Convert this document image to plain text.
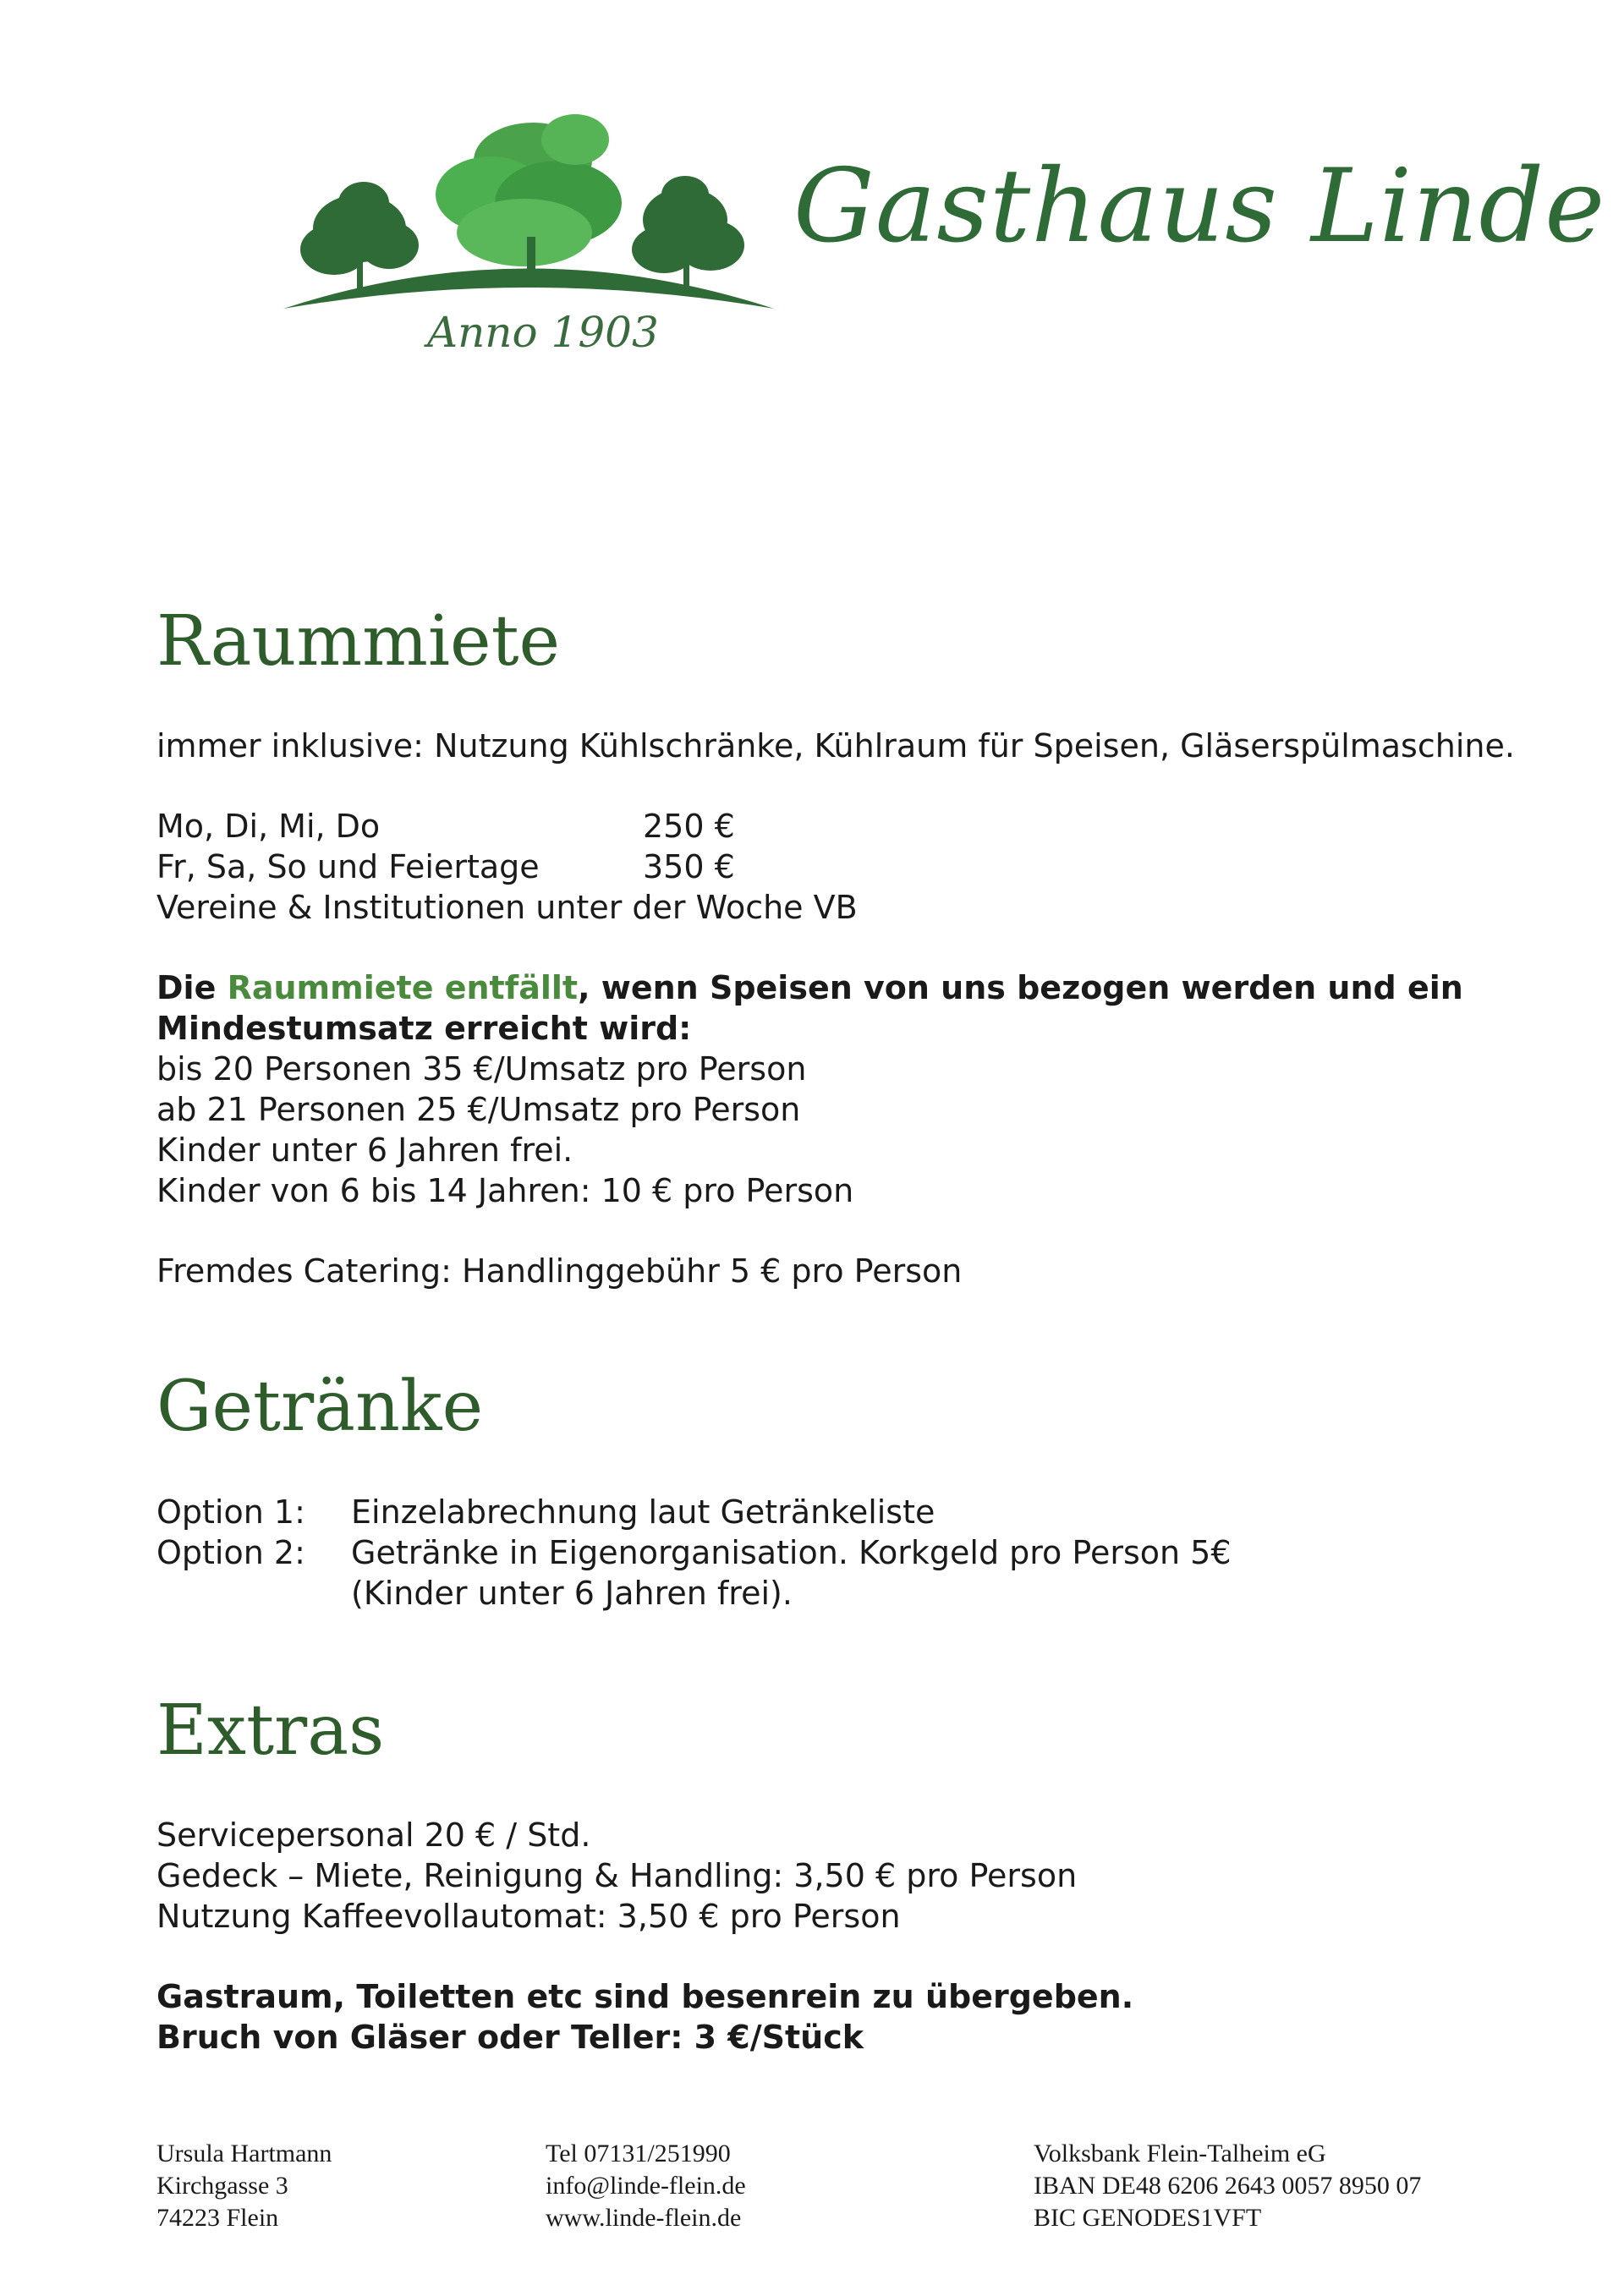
Gasthaus Linde
Anno 1903
Raummiete

immer inklusive: Nutzung Kühlschränke, Kühlraum für Speisen, Gläserspülmaschine.

Mo, Di, Mi, Do	250 €

Fr, Sa, So und Feiertage	350 €

Vereine & Institutionen unter der Woche VB

Die Raummiete entfällt, wenn Speisen von uns bezogen werden und ein

Mindestumsatz erreicht wird:

bis 20 Personen 35 €/Umsatz pro Person

ab 21 Personen 25 €/Umsatz pro Person

Kinder unter 6 Jahren frei.

Kinder von 6 bis 14 Jahren: 10 € pro Person

Fremdes Catering: Handlinggebühr 5 € pro Person

Getränke
Option 1: Einzelabrechnung laut Getränkeliste
Option 2: Getränke in Eigenorganisation. Korkgeld pro Person 5€
(Kinder unter 6 Jahren frei).
Extras

Servicepersonal 20 € / Std.

Gedeck – Miete, Reinigung & Handling: 3,50 € pro Person

Nutzung Kaffeevollautomat: 3,50 € pro Person

Gastraum, Toiletten etc sind besenrein zu übergeben.

Bruch von Gläser oder Teller: 3 €/Stück

Ursula Hartmann
Kirchgasse 3
74223 Flein
Tel 07131/251990
info@linde-flein.de
www.linde-flein.de
Volksbank Flein-Talheim eG
IBAN DE48 6206 2643 0057 8950 07
BIC GENODES1VFT
